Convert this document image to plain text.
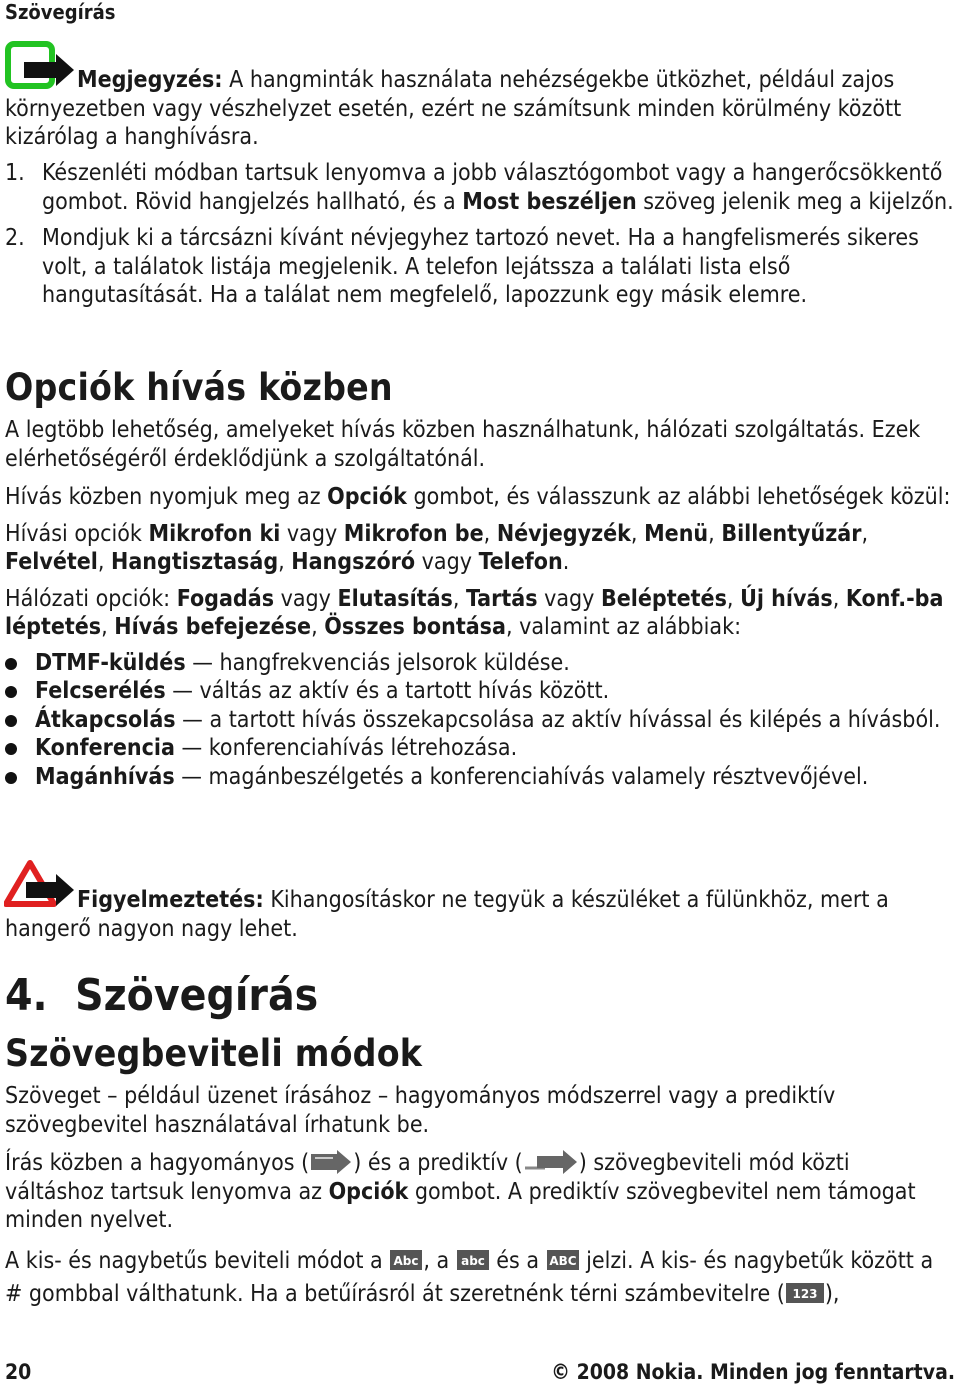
Szövegírás

Megjegyzés: A hangminták használata nehézségekbe ütközhet, például zajos

környezetben vagy vészhelyzet esetén, ezért ne számítsunk minden körülmény között kizárólag a hanghívásra.

1. Készenléti módban tartsuk lenyomva a jobb választógombot vagy a hangerőcsökkentő gombot. Rövid hangjelzés hallható, és a Most beszéljen szöveg jelenik meg a kijelzőn.
2. Mondjuk ki a tárcsázni kívánt névjegyhez tartozó nevet. Ha a hangfelismerés sikeres volt, a találatok listája megjelenik. A telefon lejátssza a találati lista első hangutasítását. Ha a találat nem megfelelő, lapozzunk egy másik elemre.
Opciók hívás közben

A legtöbb lehetőség, amelyeket hívás közben használhatunk, hálózati szolgáltatás. Ezek elérhetőségéről érdeklődjünk a szolgáltatónál.

Hívás közben nyomjuk meg az Opciók gombot, és válasszunk az alábbi lehetőségek közül:

Hívási opciók Mikrofon ki vagy Mikrofon be, Névjegyzék, Menü, Billentyűzár, Felvétel, Hangtisztaság, Hangszóró vagy Telefon.

Hálózati opciók: Fogadás vagy Elutasítás, Tartás vagy Beléptetés, Új hívás, Konf.-ba léptetés, Hívás befejezése, Összes bontása, valamint az alábbiak:

DTMF-küldés — hangfrekvenciás jelsorok küldése.
Felcserélés — váltás az aktív és a tartott hívás között.
Átkapcsolás — a tartott hívás összekapcsolása az aktív hívással és kilépés a hívásból.
Konferencia — konferenciahívás létrehozása.
Magánhívás — magánbeszélgetés a konferenciahívás valamely résztvevőjével.

Figyelmeztetés: Kihangosításkor ne tegyük a készüléket a fülünkhöz, mert a

hangerő nagyon nagy lehet.

4. Szövegírás
Szövegbeviteli módok

Szöveget – például üzenet írásához – hagyományos módszerrel vagy a prediktív szövegbevitel használatával írhatunk be.

Írás közben a hagyományos ( ) és a prediktív ( ) szövegbeviteli mód közti váltáshoz tartsuk lenyomva az Opciók gombot. A prediktív szövegbevitel nem támogat minden nyelvet.

A kis- és nagybetűs beviteli módot a Abc , a abc és a ABC jelzi. A kis- és nagybetűk között a # gombbal válthatunk. Ha a betűírásról át szeretnénk térni számbevitelre ( 123 ),

20	© 2008 Nokia. Minden jog fenntartva.
